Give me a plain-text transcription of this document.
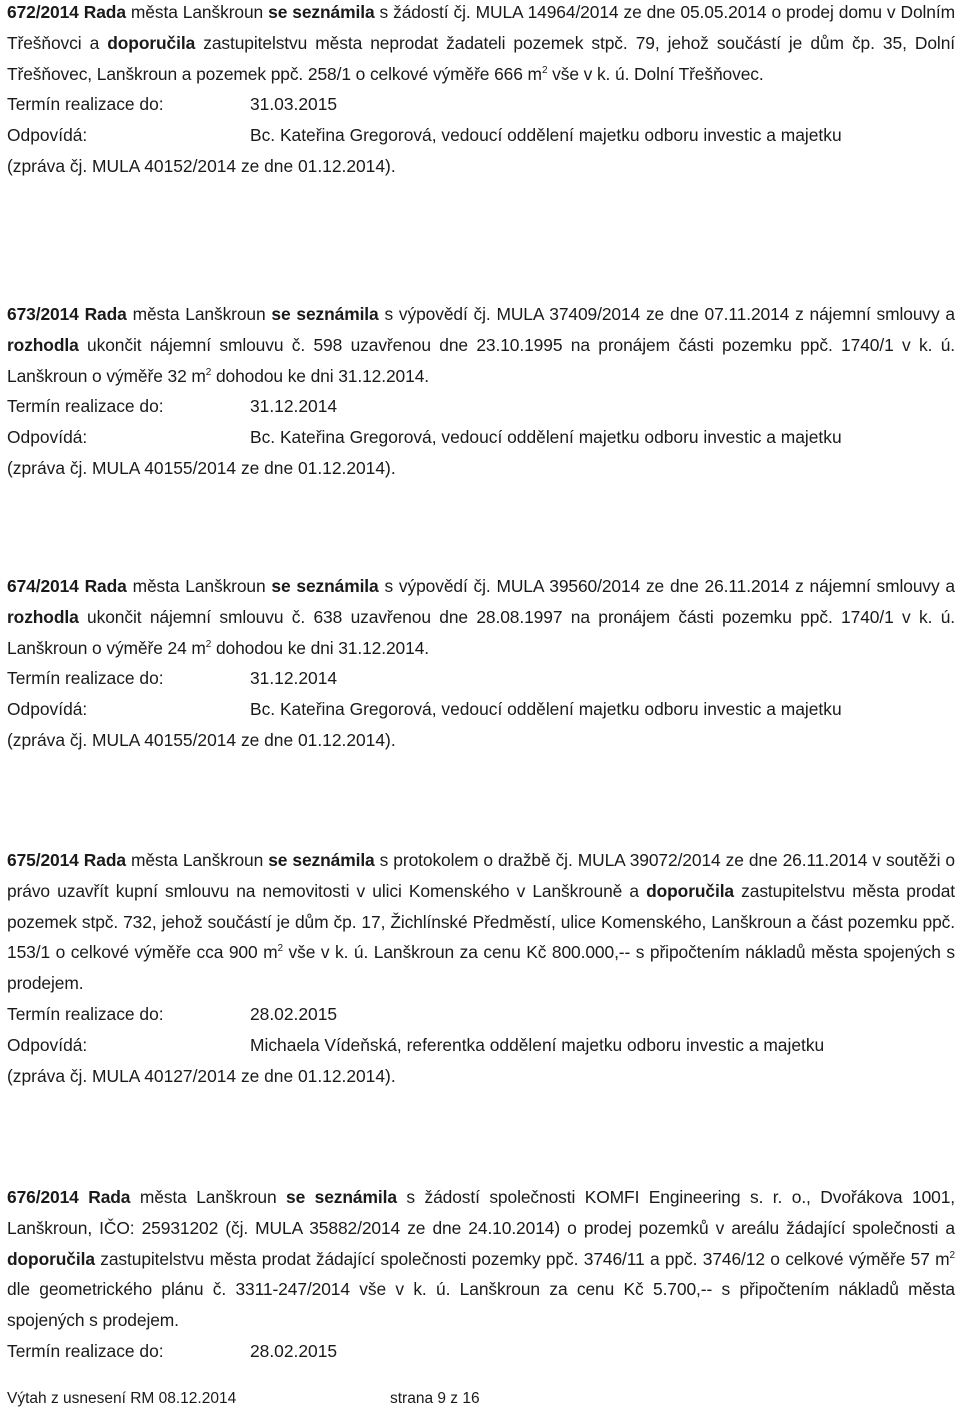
672/2014 Rada města Lanškroun se seznámila s žádostí čj. MULA 14964/2014 ze dne 05.05.2014 o prodej domu v Dolním Třešňovci a doporučila zastupitelstvu města neprodat žadateli pozemek stpč. 79, jehož součástí je dům čp. 35, Dolní Třešňovec, Lanškroun a pozemek ppč. 258/1 o celkové výměře 666 $m^2$ vše v k. ú. Dolní Třešňovec.

Termín realizace do:	31.03.2015
Odpovídá:	Bc. Kateřina Gregorová, vedoucí oddělení majetku odboru investic a majetku
(zpráva čj. MULA 40152/2014 ze dne 01.12.2014).

673/2014 Rada města Lanškroun se seznámila s výpovědí čj. MULA 37409/2014 ze dne 07.11.2014 z nájemní smlouvy a rozhodla ukončit nájemní smlouvu č. 598 uzavřenou dne 23.10.1995 na pronájem části pozemku ppč. 1740/1 v k. ú. Lanškroun o výměře 32 $m^2$ dohodou ke dni 31.12.2014.

Termín realizace do:	31.12.2014
Odpovídá:	Bc. Kateřina Gregorová, vedoucí oddělení majetku odboru investic a majetku
(zpráva čj. MULA 40155/2014 ze dne 01.12.2014).

674/2014 Rada města Lanškroun se seznámila s výpovědí čj. MULA 39560/2014 ze dne 26.11.2014 z nájemní smlouvy a rozhodla ukončit nájemní smlouvu č. 638 uzavřenou dne 28.08.1997 na pronájem části pozemku ppč. 1740/1 v k. ú. Lanškroun o výměře 24 $m^2$ dohodou ke dni 31.12.2014.

Termín realizace do:	31.12.2014
Odpovídá:	Bc. Kateřina Gregorová, vedoucí oddělení majetku odboru investic a majetku
(zpráva čj. MULA 40155/2014 ze dne 01.12.2014).

675/2014 Rada města Lanškroun se seznámila s protokolem o dražbě čj. MULA 39072/2014 ze dne 26.11.2014 v soutěži o právo uzavřít kupní smlouvu na nemovitosti v ulici Komenského v Lanškrouně a doporučila zastupitelstvu města prodat pozemek stpč. 732, jehož součástí je dům čp. 17, Žichlínské Předměstí, ulice Komenského, Lanškroun a část pozemku ppč. 153/1 o celkové výměře cca 900 $m^2$ vše v k. ú. Lanškroun za cenu Kč 800.000,-- s připočtením nákladů města spojených s prodejem.

Termín realizace do:	28.02.2015
Odpovídá:	Michaela Vídeňská, referentka oddělení majetku odboru investic a majetku
(zpráva čj. MULA 40127/2014 ze dne 01.12.2014).

676/2014 Rada města Lanškroun se seznámila s žádostí společnosti KOMFI Engineering s. r. o., Dvořákova 1001, Lanškroun, IČO: 25931202 (čj. MULA 35882/2014 ze dne 24.10.2014) o prodej pozemků v areálu žádající společnosti a doporučila zastupitelstvu města prodat žádající společnosti pozemky ppč. 3746/11 a ppč. 3746/12 o celkové výměře 57 $m^2$ dle geometrického plánu č. 3311-247/2014 vše v k. ú. Lanškroun za cenu Kč 5.700,-- s připočtením nákladů města spojených s prodejem.

Termín realizace do:	28.02.2015
Výtah z usnesení RM 08.12.2014	strana 9 z 16
